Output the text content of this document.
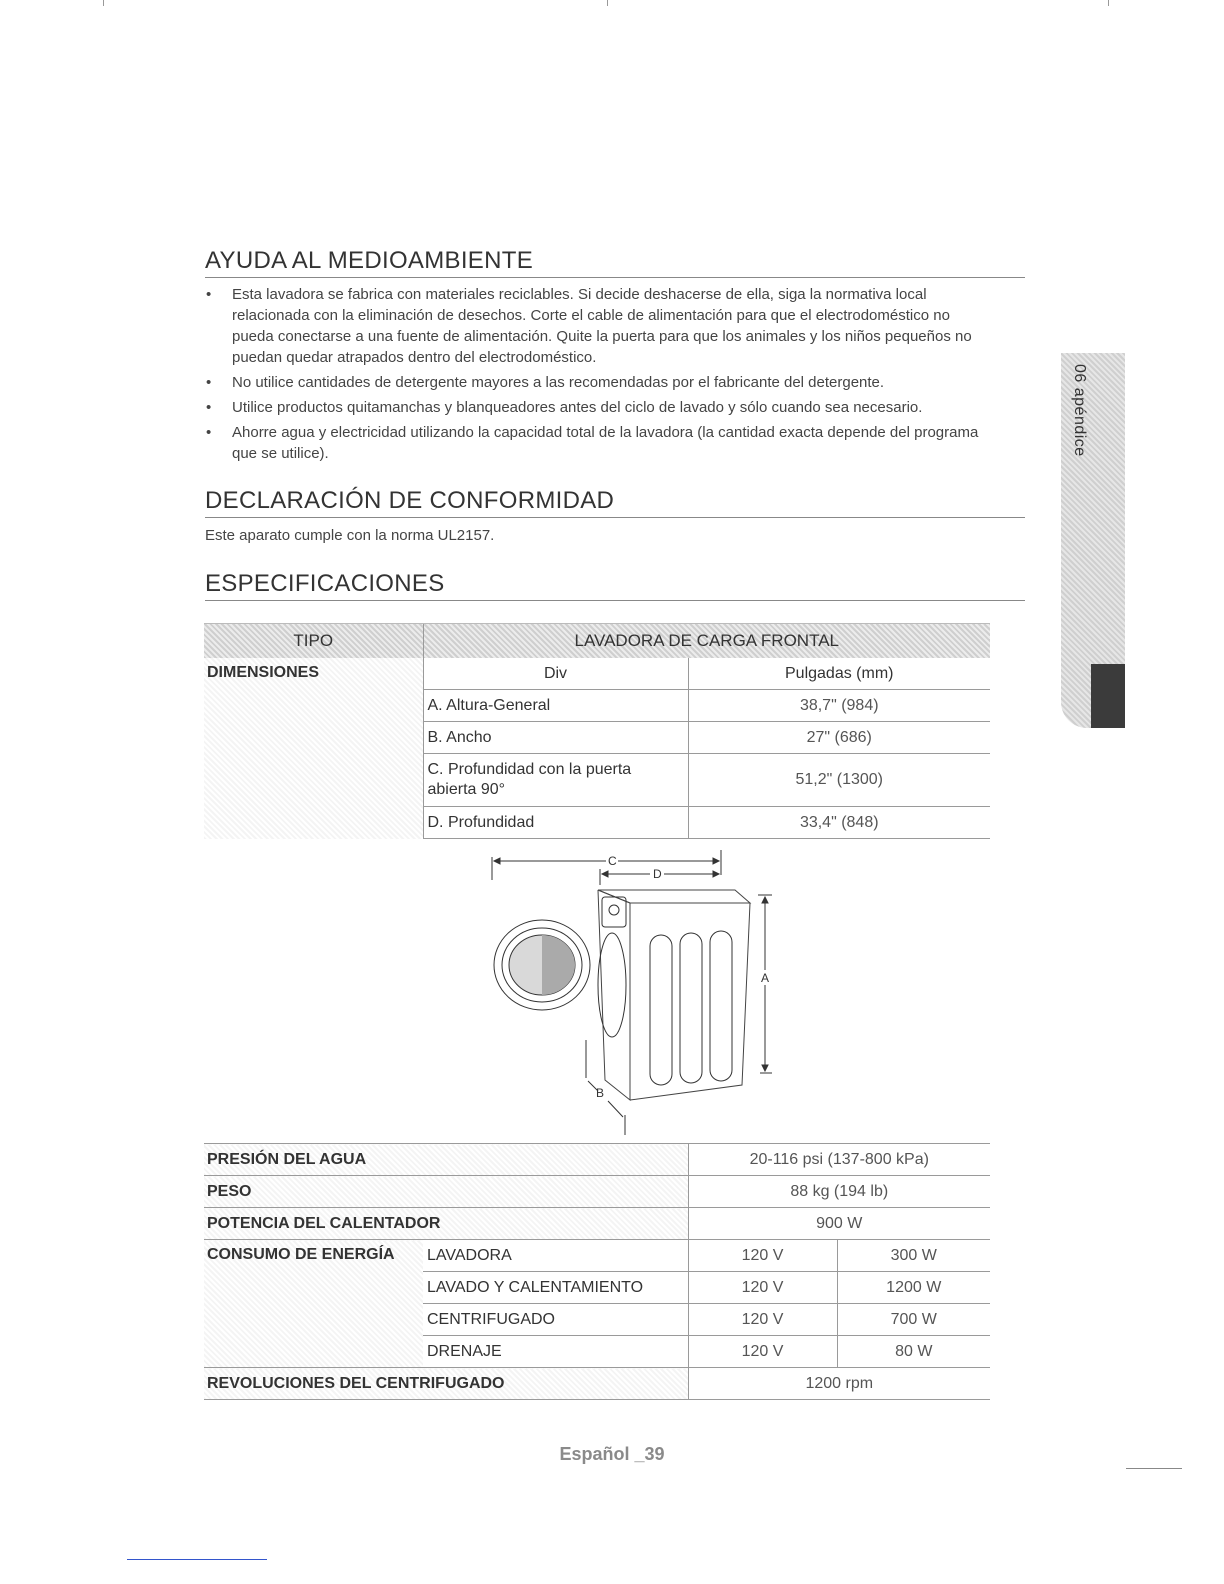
06 apéndice
AYUDA AL MEDIOAMBIENTE
• Esta lavadora se fabrica con materiales reciclables. Si decide deshacerse de ella, siga la normativa local relacionada con la eliminación de desechos. Corte el cable de alimentación para que el electrodoméstico no pueda conectarse a una fuente de alimentación. Quite la puerta para que los animales y los niños pequeños no puedan quedar atrapados dentro del electrodoméstico.
• No utilice cantidades de detergente mayores a las recomendadas por el fabricante del detergente.
• Utilice productos quitamanchas y blanqueadores antes del ciclo de lavado y sólo cuando sea necesario.
• Ahorre agua y electricidad utilizando la capacidad total de la lavadora (la cantidad exacta depende del programa que se utilice).
DECLARACIÓN DE CONFORMIDAD
Este aparato cumple con la norma UL2157.
ESPECIFICACIONES
TIPO	LAVADORA DE CARGA FRONTAL	
DIMENSIONES	Div	Pulgadas (mm)
	A. Altura-General	38,7" (984)
	B. Ancho	27" (686)

	C. Profundidad con la puerta abierta 90°	51,2" (1300)
	D. Profundidad	33,4" (848)
C
D
A
B
PRESIÓN DEL AGUA		20-116 psi (137-800 kPa)	
PESO		88 kg (194 lb)	
POTENCIA DEL CALENTADOR		900 W	
CONSUMO DE ENERGÍA	LAVADORA	120 V	300 W
	LAVADO Y CALENTAMIENTO	120 V	1200 W
	CENTRIFUGADO	120 V	700 W
	DRENAJE	120 V	80 W
REVOLUCIONES DEL CENTRIFUGADO		1200 rpm	
Español _39
